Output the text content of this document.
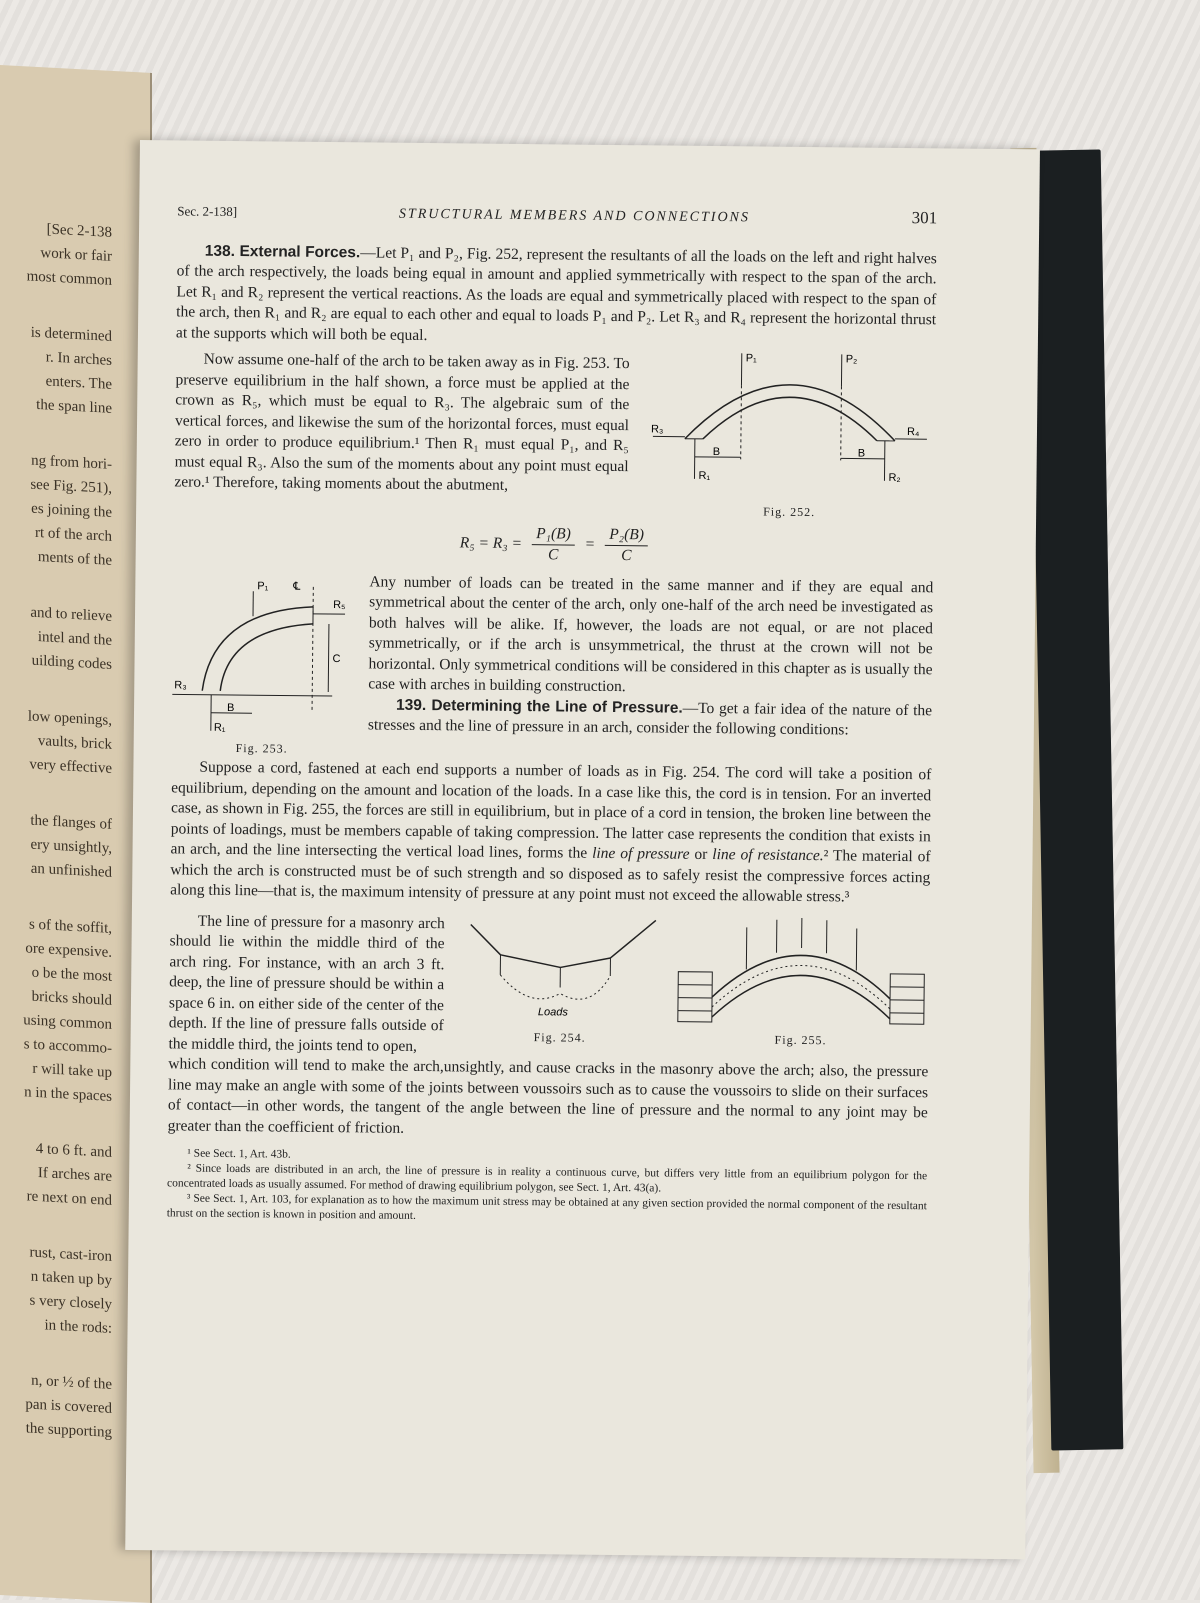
[Sec 2-138
work or fair
most common
is determined
r. In arches
enters. The
the span line
ng from hori-
see Fig. 251),
es joining the
rt of the arch
ments of the
and to relieve
intel and the
uilding codes
low openings,
vaults, brick
very effective
the flanges of
ery unsightly,
an unfinished
s of the soffit,
ore expensive.
o be the most
bricks should
using common
s to accommo-
r will take up
n in the spaces
4 to 6 ft. and
If arches are
re next on end
rust, cast-iron
n taken up by
s very closely
in the rods:
n, or ½ of the
pan is covered
the supporting
Sec. 2-138]	STRUCTURAL MEMBERS AND CONNECTIONS	301

138. External Forces.—Let P₁ and P₂, Fig. 252, represent the resultants of all the loads on the left and right halves of the arch respectively, the loads being equal in amount and applied symmetrically with respect to the span of the arch. Let R₁ and R₂ represent the vertical reactions. As the loads are equal and symmetrically placed with respect to the span of the arch, then R₁ and R₂ are equal to each other and equal to loads P₁ and P₂. Let R₃ and R₄ represent the horizontal thrust at the supports which will both be equal.

Now assume one-half of the arch to be taken away as in Fig. 253. To preserve equilibrium in the half shown, a force must be applied at the crown as R₅, which must be equal to R₃. The algebraic sum of the vertical forces, and likewise the sum of the horizontal forces, must equal zero in order to produce equilibrium.¹ Then R₁ must equal P₁, and R₅ must equal R₃. Also the sum of the moments about any point must equal zero.¹ Therefore, taking moments about the abutment,

P₁	P₂
R₃	R₄
R₁	R₂
B	B
Fig. 252.
$R_5 = R_3 = \frac{\text{P₁(B)}}{C} = \frac{\text{P₂(B)}}{C}$
P₁ ℄
R₅
R₃
R₁
B
C
Fig. 253.

Any number of loads can be treated in the same manner and if they are equal and symmetrical about the center of the arch, only one-half of the arch need be investigated as both halves will be alike. If, however, the loads are not equal, or are not placed symmetrically, or if the arch is unsymmetrical, the thrust at the crown will not be horizontal. Only symmetrical conditions will be considered in this chapter as is usually the case with arches in building construction.

139. Determining the Line of Pressure.—To get a fair idea of the nature of the stresses and the line of pressure in an arch, consider the following conditions:

Suppose a cord, fastened at each end supports a number of loads as in Fig. 254. The cord will take a position of equilibrium, depending on the amount and location of the loads. In a case like this, the cord is in tension. For an inverted case, as shown in Fig. 255, the forces are still in equilibrium, but in place of a cord in tension, the broken line between the points of loadings, must be members capable of taking compression. The latter case represents the condition that exists in an arch, and the line intersecting the vertical load lines, forms the line of pressure or line of resistance.² The material of which the arch is constructed must be of such strength and so disposed as to safely resist the compressive forces acting along this line—that is, the maximum intensity of pressure at any point must not exceed the allowable stress.³

The line of pressure for a masonry arch should lie within the middle third of the arch ring. For instance, with an arch 3 ft. deep, the line of pressure should be within a space 6 in. on either side of the center of the depth. If the line of pressure falls outside of the middle third, the joints tend to open,

Loads
Fig. 254.	Fig. 255.

which condition will tend to make the arch,unsightly, and cause cracks in the masonry above the arch; also, the pressure line may make an angle with some of the joints between voussoirs such as to cause the voussoirs to slide on their surfaces of contact—in other words, the tangent of the angle between the line of pressure and the normal to any joint may be greater than the coefficient of friction.

¹ See Sect. 1, Art. 43b.

² Since loads are distributed in an arch, the line of pressure is in reality a continuous curve, but differs very little from an equilibrium polygon for the concentrated loads as usually assumed. For method of drawing equilibrium polygon, see Sect. 1, Art. 43(a).

³ See Sect. 1, Art. 103, for explanation as to how the maximum unit stress may be obtained at any given section provided the normal component of the resultant thrust on the section is known in position and amount.
